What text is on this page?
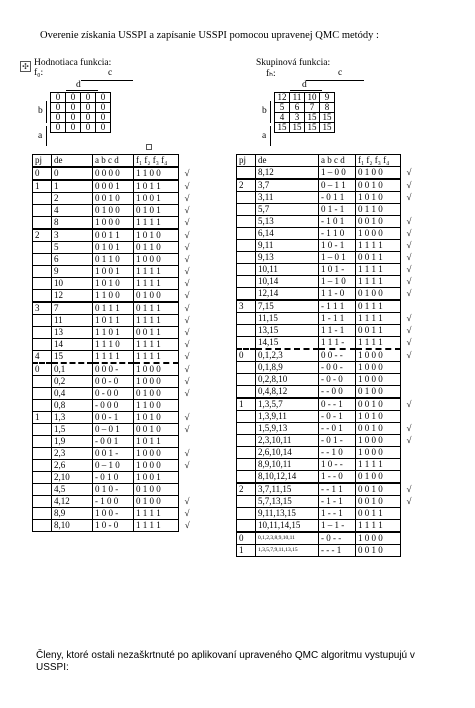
Overenie získania USSPI a zapísanie USSPI pomocou upravenej QMC metódy :
✣ Hodnotiaca funkcia:
f₀:	c
d
b
a
0	0	0	0
0	0	0	0
0	0	0	0
0	0	0	0
Skupinová funkcia:
fₕ:	c
d
b
a
12	11	10	9
5	6	7	8
4	3	15	15
15	15	15	15
pj	de	a b c d	f₁ f₂ f₃ f₄	
0	0	0 0 0 0	1 1 0 0	√
1	1	0 0 0 1	1 0 1 1	√
	2	0 0 1 0	1 0 0 1	√
	4	0 1 0 0	0 1 0 1	√
	8	1 0 0 0	1 1 1 1	√
2	3	0 0 1 1	1 0 1 0	√
	5	0 1 0 1	0 1 1 0	√
	6	0 1 1 0	1 0 0 0	√
	9	1 0 0 1	1 1 1 1	√
	10	1 0 1 0	1 1 1 1	√
	12	1 1 0 0	0 1 0 0	√
3	7	0 1 1 1	0 1 1 1	√
	11	1 0 1 1	1 1 1 1	√
	13	1 1 0 1	0 0 1 1	√
	14	1 1 1 0	1 1 1 1	√
4	15	1 1 1 1	1 1 1 1	√
0	0,1	0 0 0 -	1 0 0 0	√
	0,2	0 0 - 0	1 0 0 0	√
	0,4	0 - 0 0	0 1 0 0	√
	0,8	- 0 0 0	1 1 0 0	
1	1,3	0 0 - 1	1 0 1 0	√
	1,5	0 – 0 1	0 0 1 0	√
	1,9	- 0 0 1	1 0 1 1	
	2,3	0 0 1 -	1 0 0 0	√
	2,6	0 – 1 0	1 0 0 0	√
	2,10	- 0 1 0	1 0 0 1	
	4,5	0 1 0 -	0 1 0 0	
	4,12	- 1 0 0	0 1 0 0	√
	8,9	1 0 0 -	1 1 1 1	√
	8,10	1 0 - 0	1 1 1 1	√
pj	de	a b c d	f₁ f₂ f₃ f₄	
	8,12	1 – 0 0	0 1 0 0	√
2	3,7	0 – 1 1	0 0 1 0	√
	3,11	- 0 1 1	1 0 1 0	√
	5,7	0 1 - 1	0 1 1 0	
	5,13	- 1 0 1	0 0 1 0	√
	6,14	- 1 1 0	1 0 0 0	√
	9,11	1 0 - 1	1 1 1 1	√
	9,13	1 – 0 1	0 0 1 1	√
	10,11	1 0 1 -	1 1 1 1	√
	10,14	1 – 1 0	1 1 1 1	√
	12,14	1 1 - 0	0 1 0 0	√
3	7,15	- 1 1 1	0 1 1 1	
	11,15	1 - 1 1	1 1 1 1	√
	13,15	1 1 - 1	0 0 1 1	√
	14,15	1 1 1 -	1 1 1 1	√
0	0,1,2,3	0 0 - -	1 0 0 0	√
	0,1,8,9	- 0 0 -	1 0 0 0	
	0,2,8,10	- 0 - 0	1 0 0 0	
	0,4,8,12	- - 0 0	0 1 0 0	
1	1,3,5,7	0 - - 1	0 0 1 0	√
	1,3,9,11	- 0 - 1	1 0 1 0	
	1,5,9,13	- - 0 1	0 0 1 0	√
	2,3,10,11	- 0 1 -	1 0 0 0	√
	2,6,10,14	- - 1 0	1 0 0 0	
	8,9,10,11	1 0 - -	1 1 1 1	
	8,10,12,14	1 - - 0	0 1 0 0	
2	3,7,11,15	- - 1 1	0 0 1 0	√
	5,7,13,15	- 1 - 1	0 0 1 0	√
	9,11,13,15	1 - - 1	0 0 1 1	
	10,11,14,15	1 – 1 -	1 1 1 1	
0	0,1,2,3,8,9,10,11	- 0 - -	1 0 0 0	
1	1,3,5,7,9,11,13,15	- - - 1	0 0 1 0	
Členy, ktoré ostali nezaškrtnuté po aplikovaní upraveného QMC algoritmu vystupujú v USSPI:
